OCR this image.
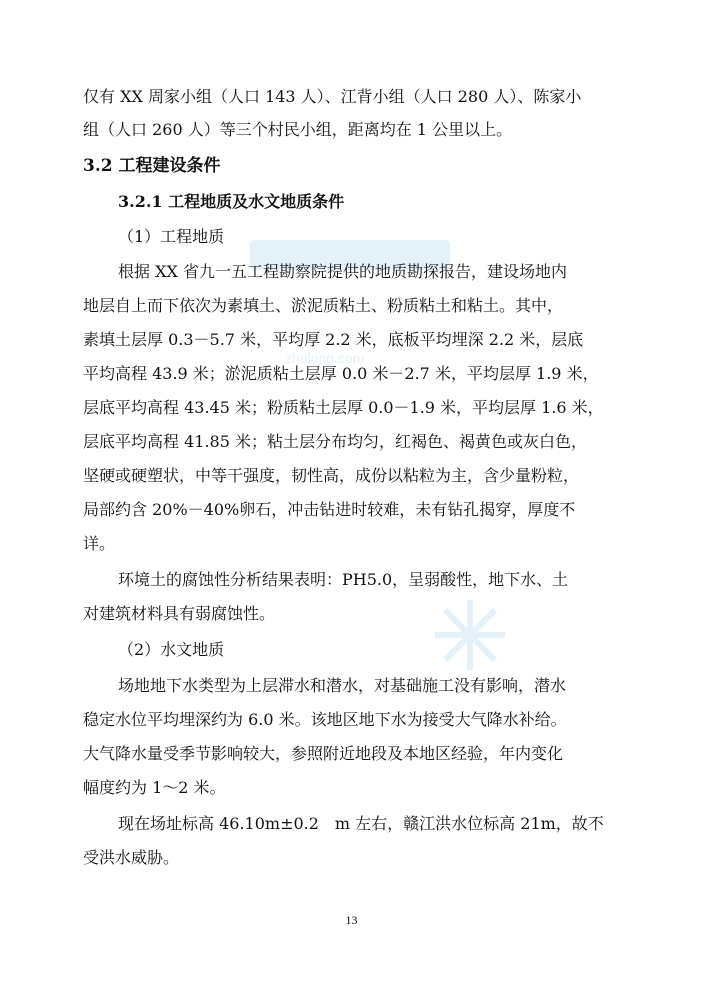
zhulong.com
仅有 XX 周家小组（人口 143 人）、江背小组（人口 280 人）、陈家小
组（人口 260 人）等三个村民小组，距离均在 1 公里以上。
3.2 工程建设条件
3.2.1 工程地质及水文地质条件
（1）工程地质
根据 XX 省九一五工程勘察院提供的地质勘探报告，建设场地内
地层自上而下依次为素填土、淤泥质粘土、粉质粘土和粘土。其中，
素填土层厚 0.3－5.7 米，平均厚 2.2 米，底板平均埋深 2.2 米，层底
平均高程 43.9 米；淤泥质粘土层厚 0.0 米－2.7 米，平均层厚 1.9 米，
层底平均高程 43.45 米；粉质粘土层厚 0.0－1.9 米，平均层厚 1.6 米，
层底平均高程 41.85 米；粘土层分布均匀，红褐色、褐黄色或灰白色，
坚硬或硬塑状，中等干强度，韧性高，成份以粘粒为主，含少量粉粒，
局部约含 20%－40%卵石，冲击钻进时较难，未有钻孔揭穿，厚度不
详。
环境土的腐蚀性分析结果表明：PH5.0，呈弱酸性，地下水、土
对建筑材料具有弱腐蚀性。
（2）水文地质
场地地下水类型为上层滞水和潜水，对基础施工没有影响，潜水
稳定水位平均埋深约为 6.0 米。该地区地下水为接受大气降水补给。
大气降水量受季节影响较大，参照附近地段及本地区经验，年内变化
幅度约为 1～2 米。
现在场址标高 46.10m±0.2　m 左右，赣江洪水位标高 21m，故不
受洪水威胁。
13
